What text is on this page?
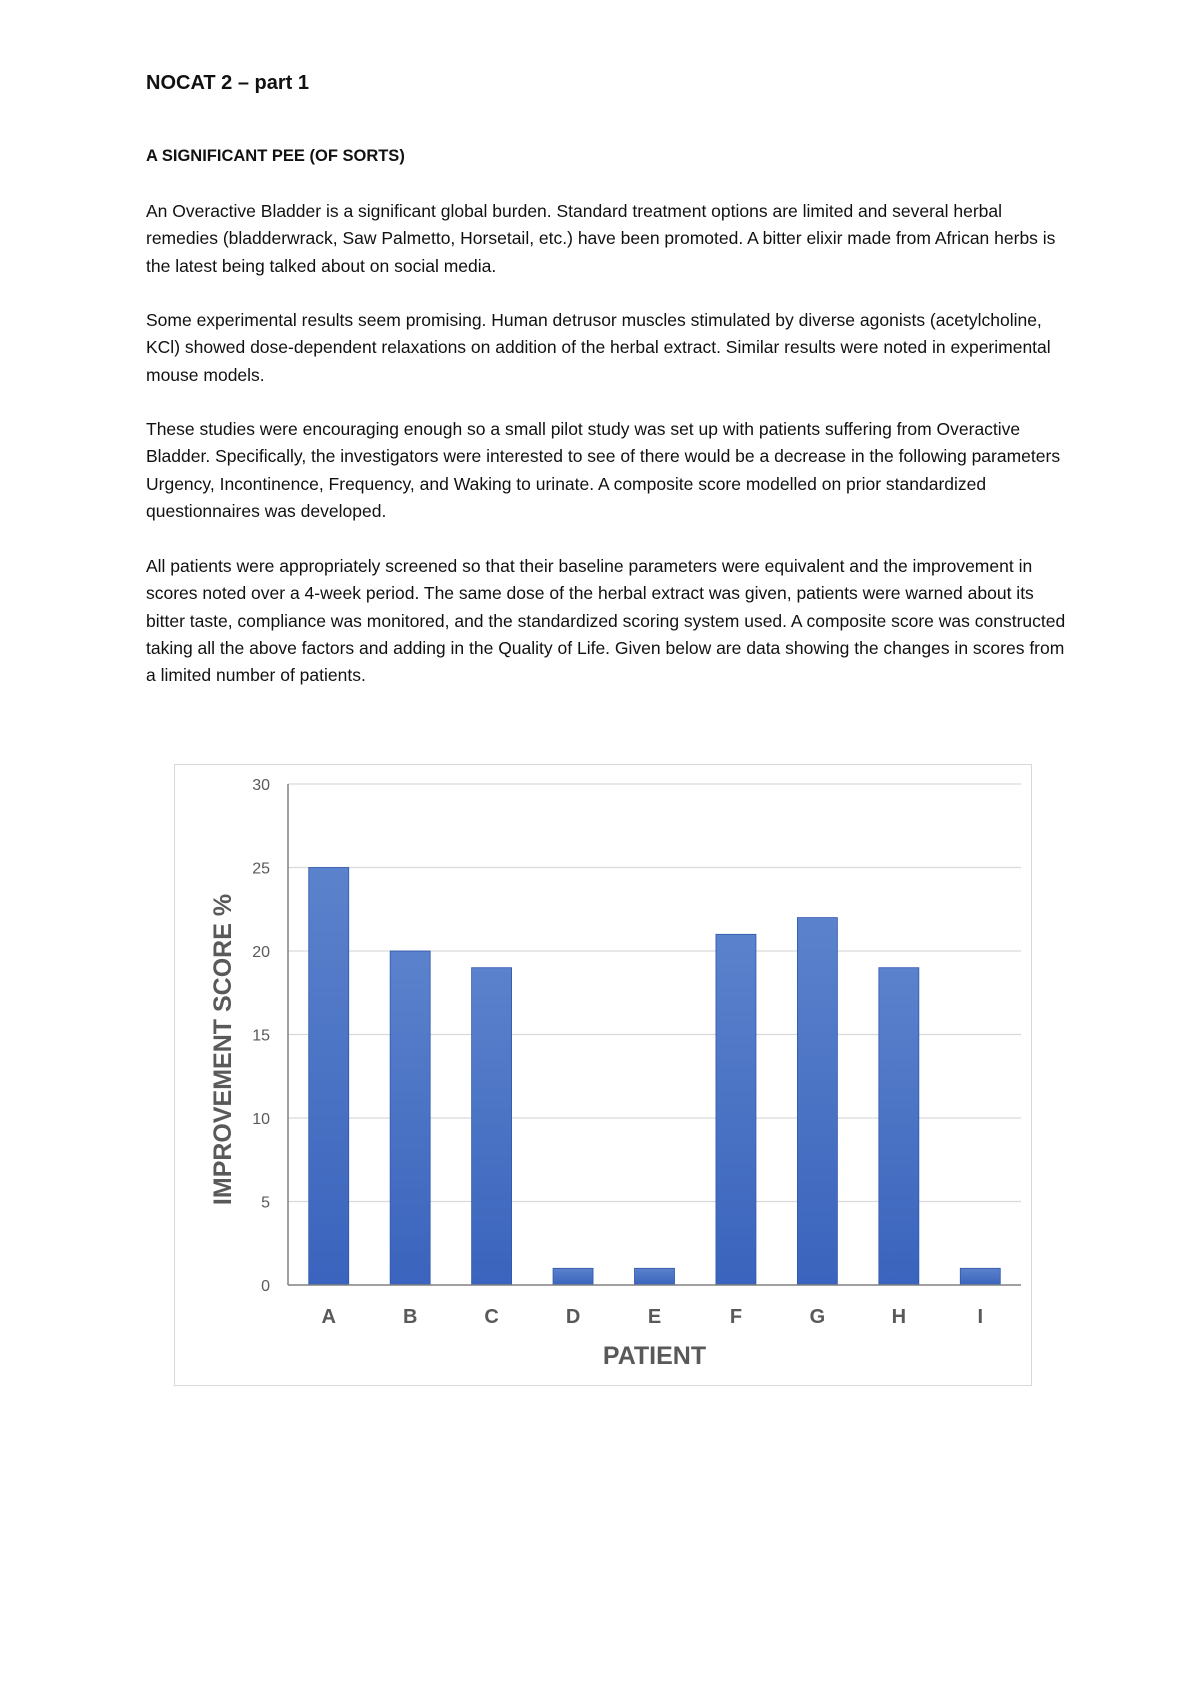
NOCAT 2 – part 1
A SIGNIFICANT PEE (OF SORTS)

An Overactive Bladder is a significant global burden. Standard treatment options are limited and several herbal remedies (bladderwrack, Saw Palmetto, Horsetail, etc.) have been promoted. A bitter elixir made from African herbs is the latest being talked about on social media.

Some experimental results seem promising. Human detrusor muscles stimulated by diverse agonists (acetylcholine, KCl) showed dose-dependent relaxations on addition of the herbal extract. Similar results were noted in experimental mouse models.

These studies were encouraging enough so a small pilot study was set up with patients suffering from Overactive Bladder. Specifically, the investigators were interested to see of there would be a decrease in the following parameters Urgency, Incontinence, Frequency, and Waking to urinate. A composite score modelled on prior standardized questionnaires was developed.

All patients were appropriately screened so that their baseline parameters were equivalent and the improvement in scores noted over a 4-week period. The same dose of the herbal extract was given, patients were warned about its bitter taste, compliance was monitored, and the standardized scoring system used. A composite score was constructed taking all the above factors and adding in the Quality of Life. Given below are data showing the changes in scores from a limited number of patients.

0
5
10
15
20
25
30
A	B	C	D	E	F	G	H	I
PATIENT
IMPROVEMENT SCORE %
